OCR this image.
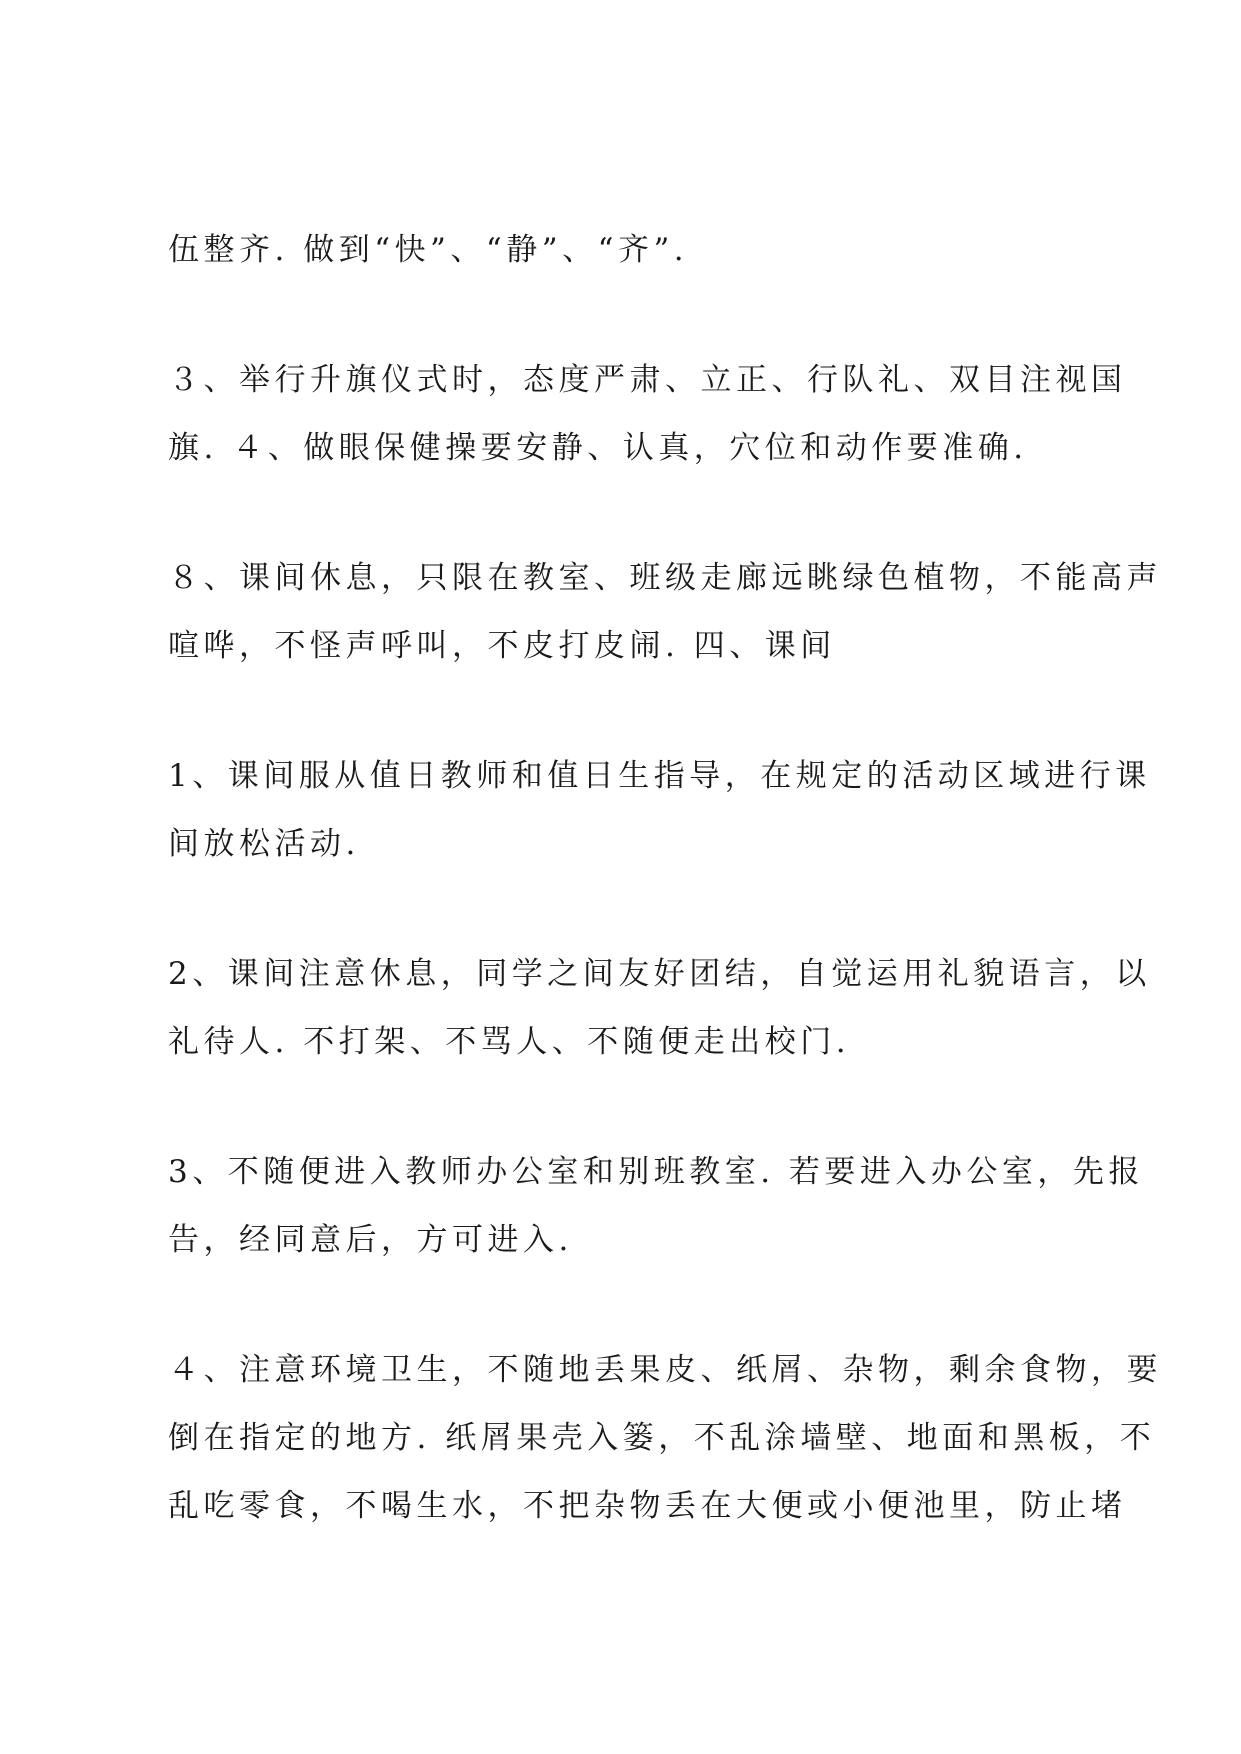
伍整齐. 做到“快”、“静”、“齐”.
３、举行升旗仪式时，态度严肃、立正、行队礼、双目注视国
旗. ４、做眼保健操要安静、认真，穴位和动作要准确.
８、课间休息，只限在教室、班级走廊远眺绿色植物，不能高声
喧哗，不怪声呼叫，不皮打皮闹. 四、课间
1、课间服从值日教师和值日生指导，在规定的活动区域进行课
间放松活动.
2、课间注意休息，同学之间友好团结，自觉运用礼貌语言，以
礼待人. 不打架、不骂人、不随便走出校门.
3、不随便进入教师办公室和别班教室. 若要进入办公室，先报
告，经同意后，方可进入.
４、注意环境卫生，不随地丢果皮、纸屑、杂物，剩余食物，要
倒在指定的地方. 纸屑果壳入篓，不乱涂墙壁、地面和黑板，不
乱吃零食，不喝生水，不把杂物丢在大便或小便池里，防止堵
